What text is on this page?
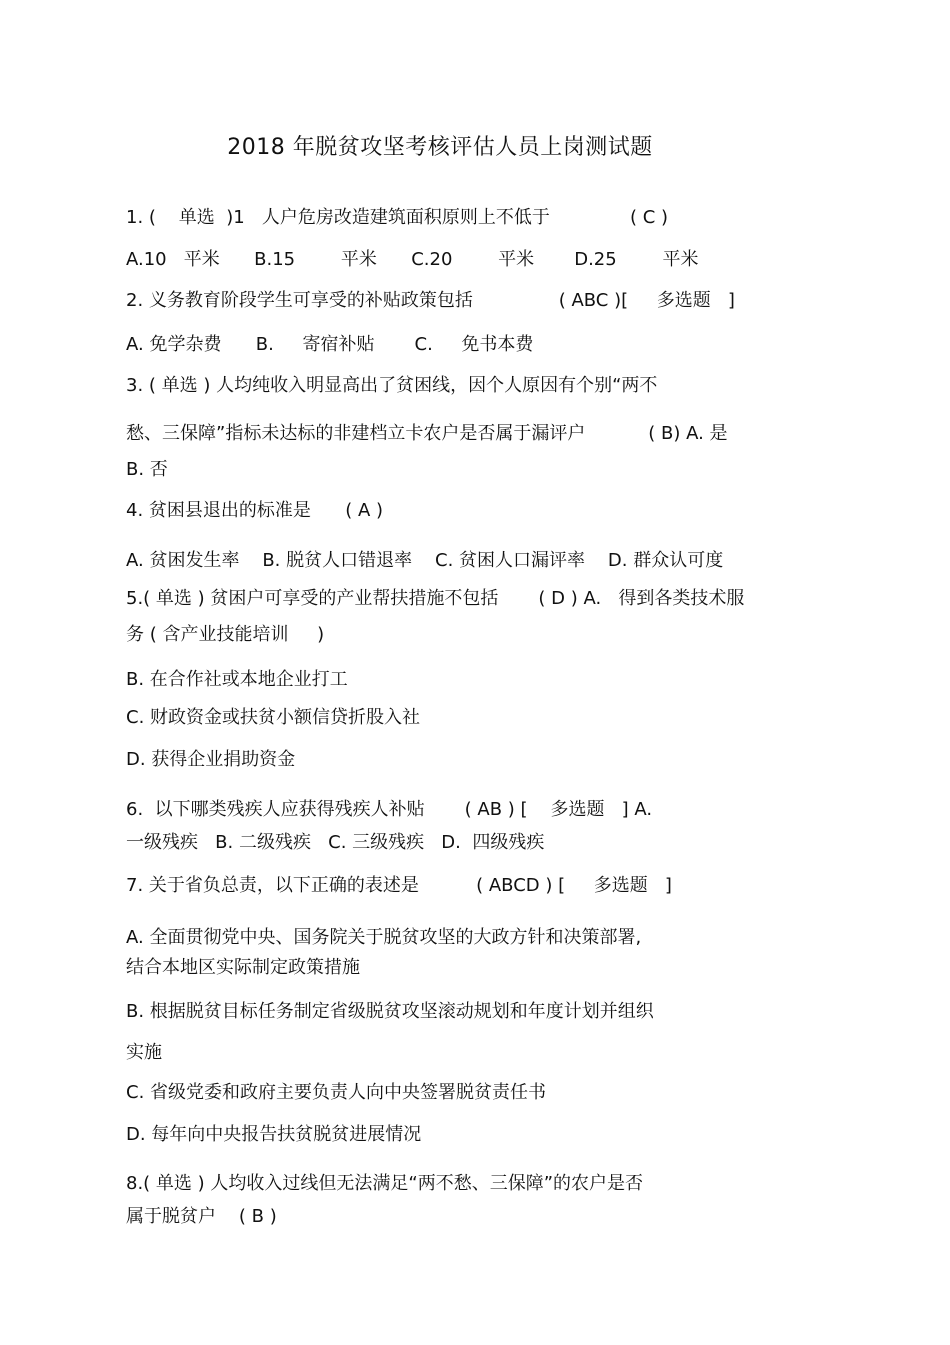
2018 年脱贫攻坚考核评估人员上岗测试题
1. (    单选  )1   人户危房改造建筑面积原则上不低于              ( C )
A.10   平米      B.15        平米      C.20        平米       D.25        平米
2. 义务教育阶段学生可享受的补贴政策包括               ( ABC )[     多选题   ]
A. 免学杂费      B.     寄宿补贴       C.     免书本费
3. ( 单选 ) 人均纯收入明显高出了贫困线，因个人原因有个别“两不
愁、三保障”指标未达标的非建档立卡农户是否属于漏评户           ( B) A. 是
B. 否
4. 贫困县退出的标准是      ( A )
A. 贫困发生率    B. 脱贫人口错退率    C. 贫困人口漏评率    D. 群众认可度
5.( 单选 ) 贫困户可享受的产业帮扶措施不包括       ( D ) A.   得到各类技术服
务 ( 含产业技能培训     )
B. 在合作社或本地企业打工
C. 财政资金或扶贫小额信贷折股入社
D. 获得企业捐助资金
6.  以下哪类残疾人应获得残疾人补贴       ( AB ) [    多选题   ] A.
一级残疾   B. 二级残疾   C. 三级残疾   D.  四级残疾
7. 关于省负总责，以下正确的表述是          ( ABCD ) [     多选题   ]
A. 全面贯彻党中央、国务院关于脱贫攻坚的大政方针和决策部署,
结合本地区实际制定政策措施
B. 根据脱贫目标任务制定省级脱贫攻坚滚动规划和年度计划并组织
实施
C. 省级党委和政府主要负责人向中央签署脱贫责任书
D. 每年向中央报告扶贫脱贫进展情况
8.( 单选 ) 人均收入过线但无法满足“两不愁、三保障”的农户是否
属于脱贫户    ( B )
